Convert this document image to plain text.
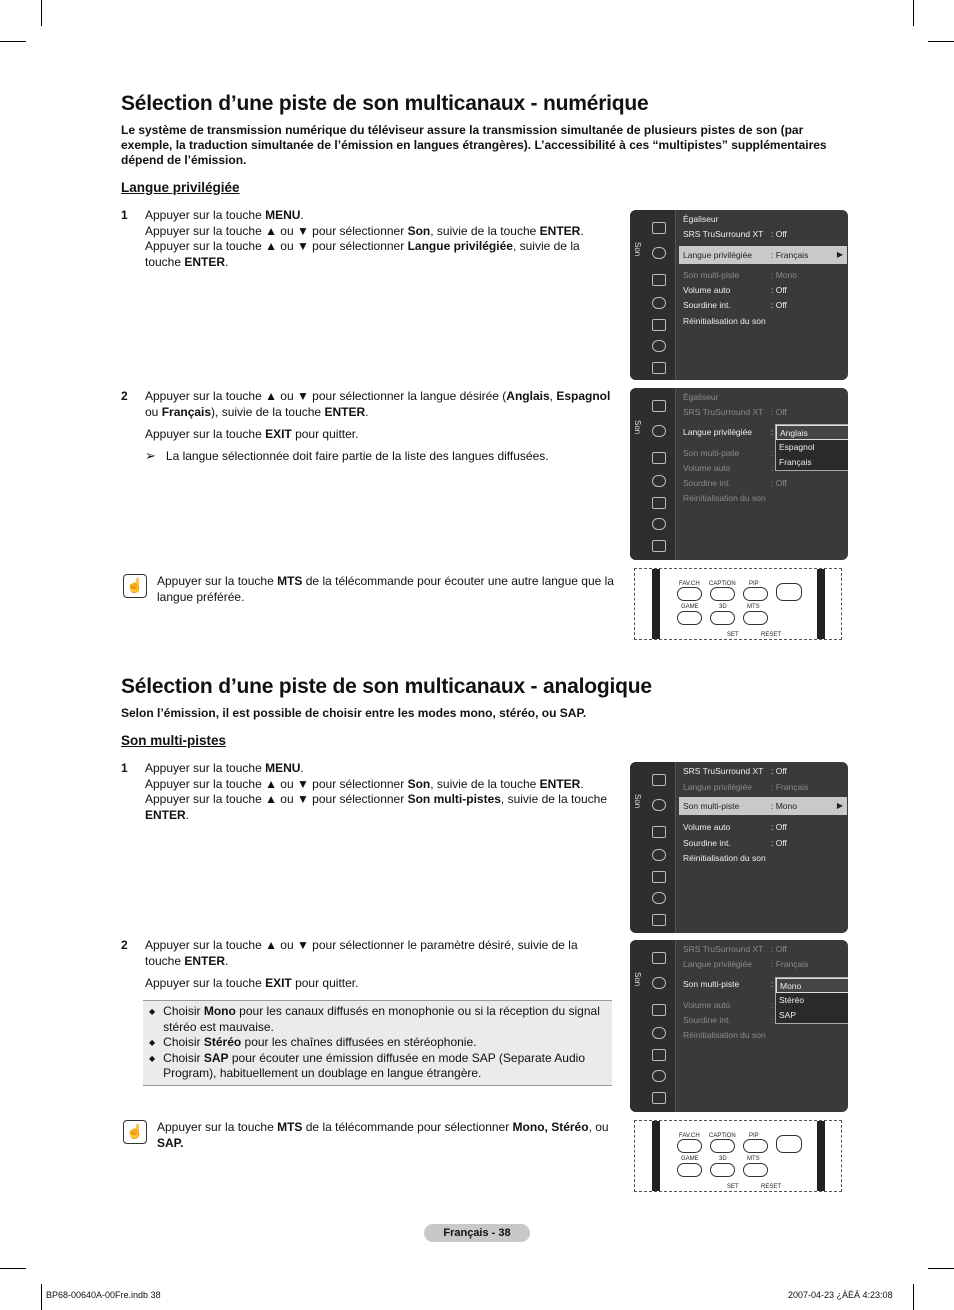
Sélection d’une piste de son multicanaux - numérique
Le système de transmission numérique du téléviseur assure la transmission simultanée de plusieurs pistes de son (par exemple, la traduction simultanée de l’émission en langues étrangères). L’accessibilité à ces “multipistes” supplémentaires dépend de l’émission.
Langue privilégiée
1 Appuyer sur la touche MENU.

Appuyer sur la touche ▲ ou ▼ pour sélectionner Son, suivie de la touche ENTER.

Appuyer sur la touche ▲ ou ▼ pour sélectionner Langue privilégiée, suivie de la touche ENTER.

2 Appuyer sur la touche ▲ ou ▼ pour sélectionner la langue désirée (Anglais, Espagnol ou Français), suivie de la touche ENTER.

Appuyer sur la touche EXIT pour quitter.

➢ La langue sélectionnée doit faire partie de la liste des langues diffusées.
☝ Appuyer sur la touche MTS de la télécommande pour écouter une autre langue que la langue préférée.
Son
Égaliseur
SRS TruSurround XT : Off
Langue privilégiée	: Français	▶
Son multi-piste	: Mono
Volume auto	: Off
Sourdine int.	: Off
Réinitialisation du son
Son
Égaliseur
SRS TruSurround XT : Off
Langue privilégiée	:
Son multi-piste	:
Volume auto	:
Sourdine int.	: Off
Réinitialisation du son
Anglais
Espagnol
Français
FAV.CH CAPTION PIP
GAME	3D	MTS
SET	RESET
Sélection d’une piste de son multicanaux - analogique
Selon l’émission, il est possible de choisir entre les modes mono, stéréo, ou SAP.
Son multi-pistes
1 Appuyer sur la touche MENU.

Appuyer sur la touche ▲ ou ▼ pour sélectionner Son, suivie de la touche ENTER.

Appuyer sur la touche ▲ ou ▼ pour sélectionner Son multi-pistes, suivie de la touche ENTER.

2 Appuyer sur la touche ▲ ou ▼ pour sélectionner le paramètre désiré, suivie de la touche ENTER.

Appuyer sur la touche EXIT pour quitter.

◆ Choisir Mono pour les canaux diffusés en monophonie ou si la réception du signal stéréo est mauvaise.
◆ Choisir Stéréo pour les chaînes diffusées en stéréophonie.
◆ Choisir SAP pour écouter une émission diffusée en mode SAP (Separate Audio Program), habituellement un doublage en langue étrangère.
☝ Appuyer sur la touche MTS de la télécommande pour sélectionner Mono, Stéréo, ou SAP.
Son
SRS TruSurround XT : Off
Langue privilégiée	: Français
Son multi-piste	: Mono	▶
Volume auto	: Off
Sourdine int.	: Off
Réinitialisation du son
Son
SRS TruSurround XT : Off
Langue privilégiée	: Français
Son multi-piste	:
Volume auto	:
Sourdine int.	:
Réinitialisation du son
Mono
Stéréo
SAP
FAV.CH CAPTION PIP
GAME	3D	MTS
SET	RESET
Français - 38
BP68-00640A-00Fre.indb 38	2007-04-23 ¿ÀÈÄ 4:23:08
